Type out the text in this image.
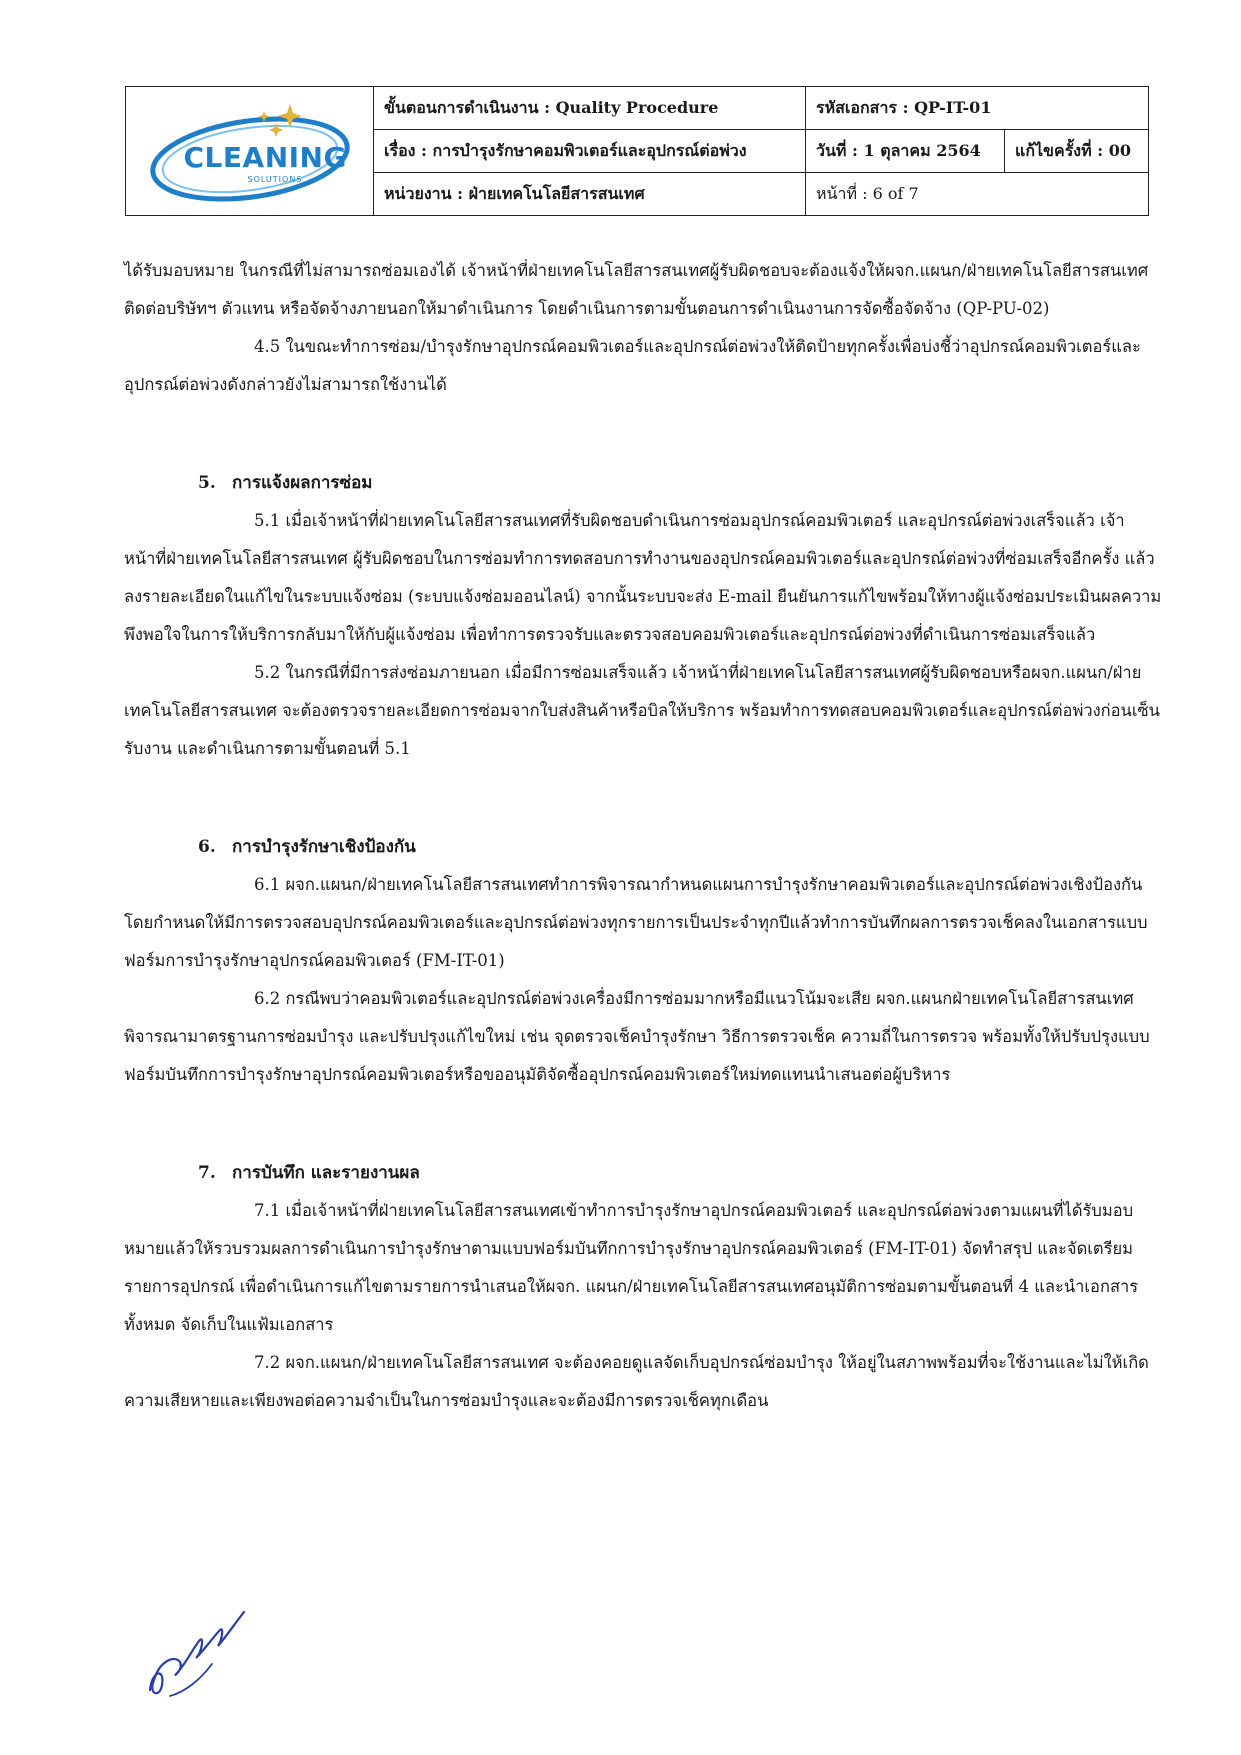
CLEANING
SOLUTIONS	ขั้นตอนการดำเนินงาน : Quality Procedure	รหัสเอกสาร : QP-IT-01	
	เรื่อง : การบำรุงรักษาคอมพิวเตอร์และอุปกรณ์ต่อพ่วง	วันที่ : 1 ตุลาคม 2564	แก้ไขครั้งที่ : 00
	หน่วยงาน : ฝ่ายเทคโนโลยีสารสนเทศ	หน้าที่ : 6 of 7	

ได้รับมอบหมาย ในกรณีที่ไม่สามารถซ่อมเองได้ เจ้าหน้าที่ฝ่ายเทคโนโลยีสารสนเทศผู้รับผิดชอบจะต้องแจ้งให้ผจก.แผนก/ฝ่ายเทคโนโลยีสารสนเทศ ติดต่อบริษัทฯ ตัวแทน หรือจัดจ้างภายนอกให้มาดำเนินการ โดยดำเนินการตามขั้นตอนการดำเนินงานการจัดซื้อจัดจ้าง (QP-PU-02)

4.5 ในขณะทำการซ่อม/บำรุงรักษาอุปกรณ์คอมพิวเตอร์และอุปกรณ์ต่อพ่วงให้ติดป้ายทุกครั้งเพื่อบ่งชี้ว่าอุปกรณ์คอมพิวเตอร์และอุปกรณ์ต่อพ่วงดังกล่าวยังไม่สามารถใช้งานได้

5. การแจ้งผลการซ่อม

5.1 เมื่อเจ้าหน้าที่ฝ่ายเทคโนโลยีสารสนเทศที่รับผิดชอบดำเนินการซ่อมอุปกรณ์คอมพิวเตอร์ และอุปกรณ์ต่อพ่วงเสร็จแล้ว เจ้าหน้าที่ฝ่ายเทคโนโลยีสารสนเทศ ผู้รับผิดชอบในการซ่อมทำการทดสอบการทำงานของอุปกรณ์คอมพิวเตอร์และอุปกรณ์ต่อพ่วงที่ซ่อมเสร็จอีกครั้ง แล้วลงรายละเอียดในแก้ไขในระบบแจ้งซ่อม (ระบบแจ้งซ่อมออนไลน์) จากนั้นระบบจะส่ง E-mail ยืนยันการแก้ไขพร้อมให้ทางผู้แจ้งซ่อมประเมินผลความพึงพอใจในการให้บริการกลับมาให้กับผู้แจ้งซ่อม เพื่อทำการตรวจรับและตรวจสอบคอมพิวเตอร์และอุปกรณ์ต่อพ่วงที่ดำเนินการซ่อมเสร็จแล้ว

5.2 ในกรณีที่มีการส่งซ่อมภายนอก เมื่อมีการซ่อมเสร็จแล้ว เจ้าหน้าที่ฝ่ายเทคโนโลยีสารสนเทศผู้รับผิดชอบหรือผจก.แผนก/ฝ่ายเทคโนโลยีสารสนเทศ จะต้องตรวจรายละเอียดการซ่อมจากใบส่งสินค้าหรือบิลให้บริการ พร้อมทำการทดสอบคอมพิวเตอร์และอุปกรณ์ต่อพ่วงก่อนเซ็นรับงาน และดำเนินการตามขั้นตอนที่ 5.1

6. การบำรุงรักษาเชิงป้องกัน

6.1 ผจก.แผนก/ฝ่ายเทคโนโลยีสารสนเทศทำการพิจารณากำหนดแผนการบำรุงรักษาคอมพิวเตอร์และอุปกรณ์ต่อพ่วงเชิงป้องกันโดยกำหนดให้มีการตรวจสอบอุปกรณ์คอมพิวเตอร์และอุปกรณ์ต่อพ่วงทุกรายการเป็นประจำทุกปีแล้วทำการบันทึกผลการตรวจเช็คลงในเอกสารแบบฟอร์มการบำรุงรักษาอุปกรณ์คอมพิวเตอร์ (FM-IT-01)

6.2 กรณีพบว่าคอมพิวเตอร์และอุปกรณ์ต่อพ่วงเครื่องมีการซ่อมมากหรือมีแนวโน้มจะเสีย ผจก.แผนกฝ่ายเทคโนโลยีสารสนเทศ พิจารณามาตรฐานการซ่อมบำรุง และปรับปรุงแก้ไขใหม่ เช่น จุดตรวจเช็คบำรุงรักษา วิธีการตรวจเช็ค ความถี่ในการตรวจ พร้อมทั้งให้ปรับปรุงแบบฟอร์มบันทึกการบำรุงรักษาอุปกรณ์คอมพิวเตอร์หรือขออนุมัติจัดซื้ออุปกรณ์คอมพิวเตอร์ใหม่ทดแทนนำเสนอต่อผู้บริหาร

7. การบันทึก และรายงานผล

7.1 เมื่อเจ้าหน้าที่ฝ่ายเทคโนโลยีสารสนเทศเข้าทำการบำรุงรักษาอุปกรณ์คอมพิวเตอร์ และอุปกรณ์ต่อพ่วงตามแผนที่ได้รับมอบหมายแล้วให้รวบรวมผลการดำเนินการบำรุงรักษาตามแบบฟอร์มบันทึกการบำรุงรักษาอุปกรณ์คอมพิวเตอร์ (FM-IT-01) จัดทำสรุป และจัดเตรียมรายการอุปกรณ์ เพื่อดำเนินการแก้ไขตามรายการนำเสนอให้ผจก. แผนก/ฝ่ายเทคโนโลยีสารสนเทศอนุมัติการซ่อมตามขั้นตอนที่ 4 และนำเอกสารทั้งหมด จัดเก็บในแฟ้มเอกสาร

7.2 ผจก.แผนก/ฝ่ายเทคโนโลยีสารสนเทศ จะต้องคอยดูแลจัดเก็บอุปกรณ์ซ่อมบำรุง ให้อยู่ในสภาพพร้อมที่จะใช้งานและไม่ให้เกิดความเสียหายและเพียงพอต่อความจำเป็นในการซ่อมบำรุงและจะต้องมีการตรวจเช็คทุกเดือน
